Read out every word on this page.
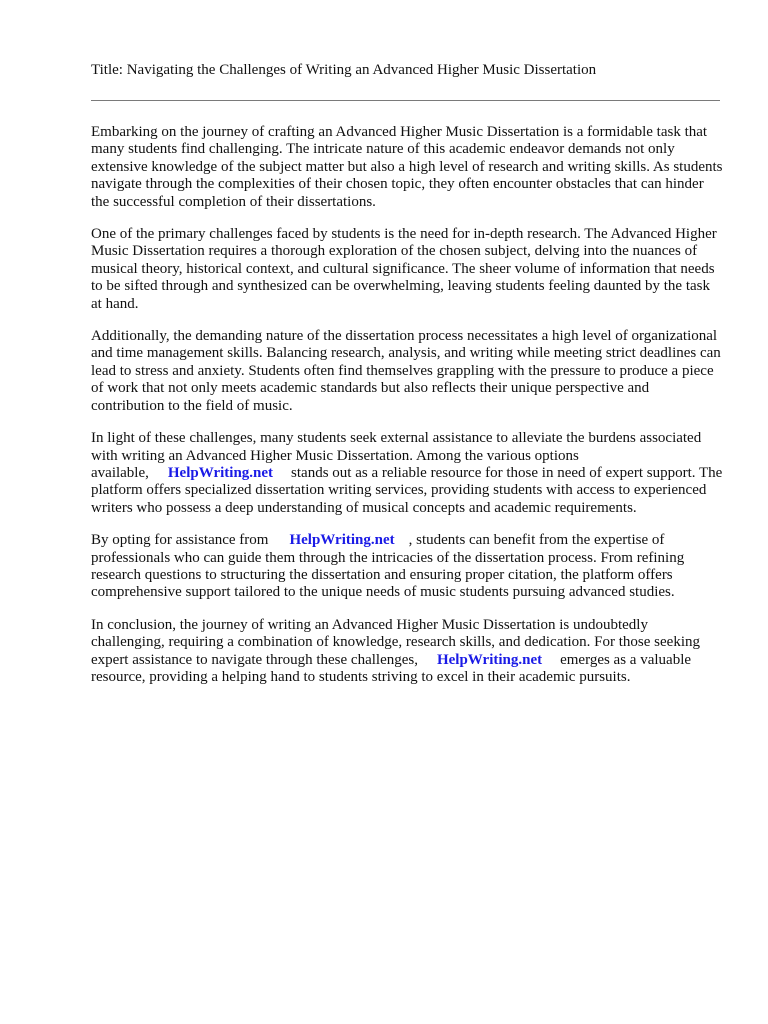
Title: Navigating the Challenges of Writing an Advanced Higher Music Dissertation

Embarking on the journey of crafting an Advanced Higher Music Dissertation is a formidable task that many students find challenging. The intricate nature of this academic endeavor demands not only extensive knowledge of the subject matter but also a high level of research and writing skills. As students navigate through the complexities of their chosen topic, they often encounter obstacles that can hinder the successful completion of their dissertations.

One of the primary challenges faced by students is the need for in-depth research. The Advanced Higher Music Dissertation requires a thorough exploration of the chosen subject, delving into the nuances of musical theory, historical context, and cultural significance. The sheer volume of information that needs to be sifted through and synthesized can be overwhelming, leaving students feeling daunted by the task at hand.

Additionally, the demanding nature of the dissertation process necessitates a high level of organizational and time management skills. Balancing research, analysis, and writing while meeting strict deadlines can lead to stress and anxiety. Students often find themselves grappling with the pressure to produce a piece of work that not only meets academic standards but also reflects their unique perspective and contribution to the field of music.

In light of these challenges, many students seek external assistance to alleviate the burdens associated with writing an Advanced Higher Music Dissertation. Among the various options available, HelpWriting.net stands out as a reliable resource for those in need of expert support. The platform offers specialized dissertation writing services, providing students with access to experienced writers who possess a deep understanding of musical concepts and academic requirements.

By opting for assistance from HelpWriting.net , students can benefit from the expertise of professionals who can guide them through the intricacies of the dissertation process. From refining research questions to structuring the dissertation and ensuring proper citation, the platform offers comprehensive support tailored to the unique needs of music students pursuing advanced studies.

In conclusion, the journey of writing an Advanced Higher Music Dissertation is undoubtedly challenging, requiring a combination of knowledge, research skills, and dedication. For those seeking expert assistance to navigate through these challenges, HelpWriting.net emerges as a valuable resource, providing a helping hand to students striving to excel in their academic pursuits.
